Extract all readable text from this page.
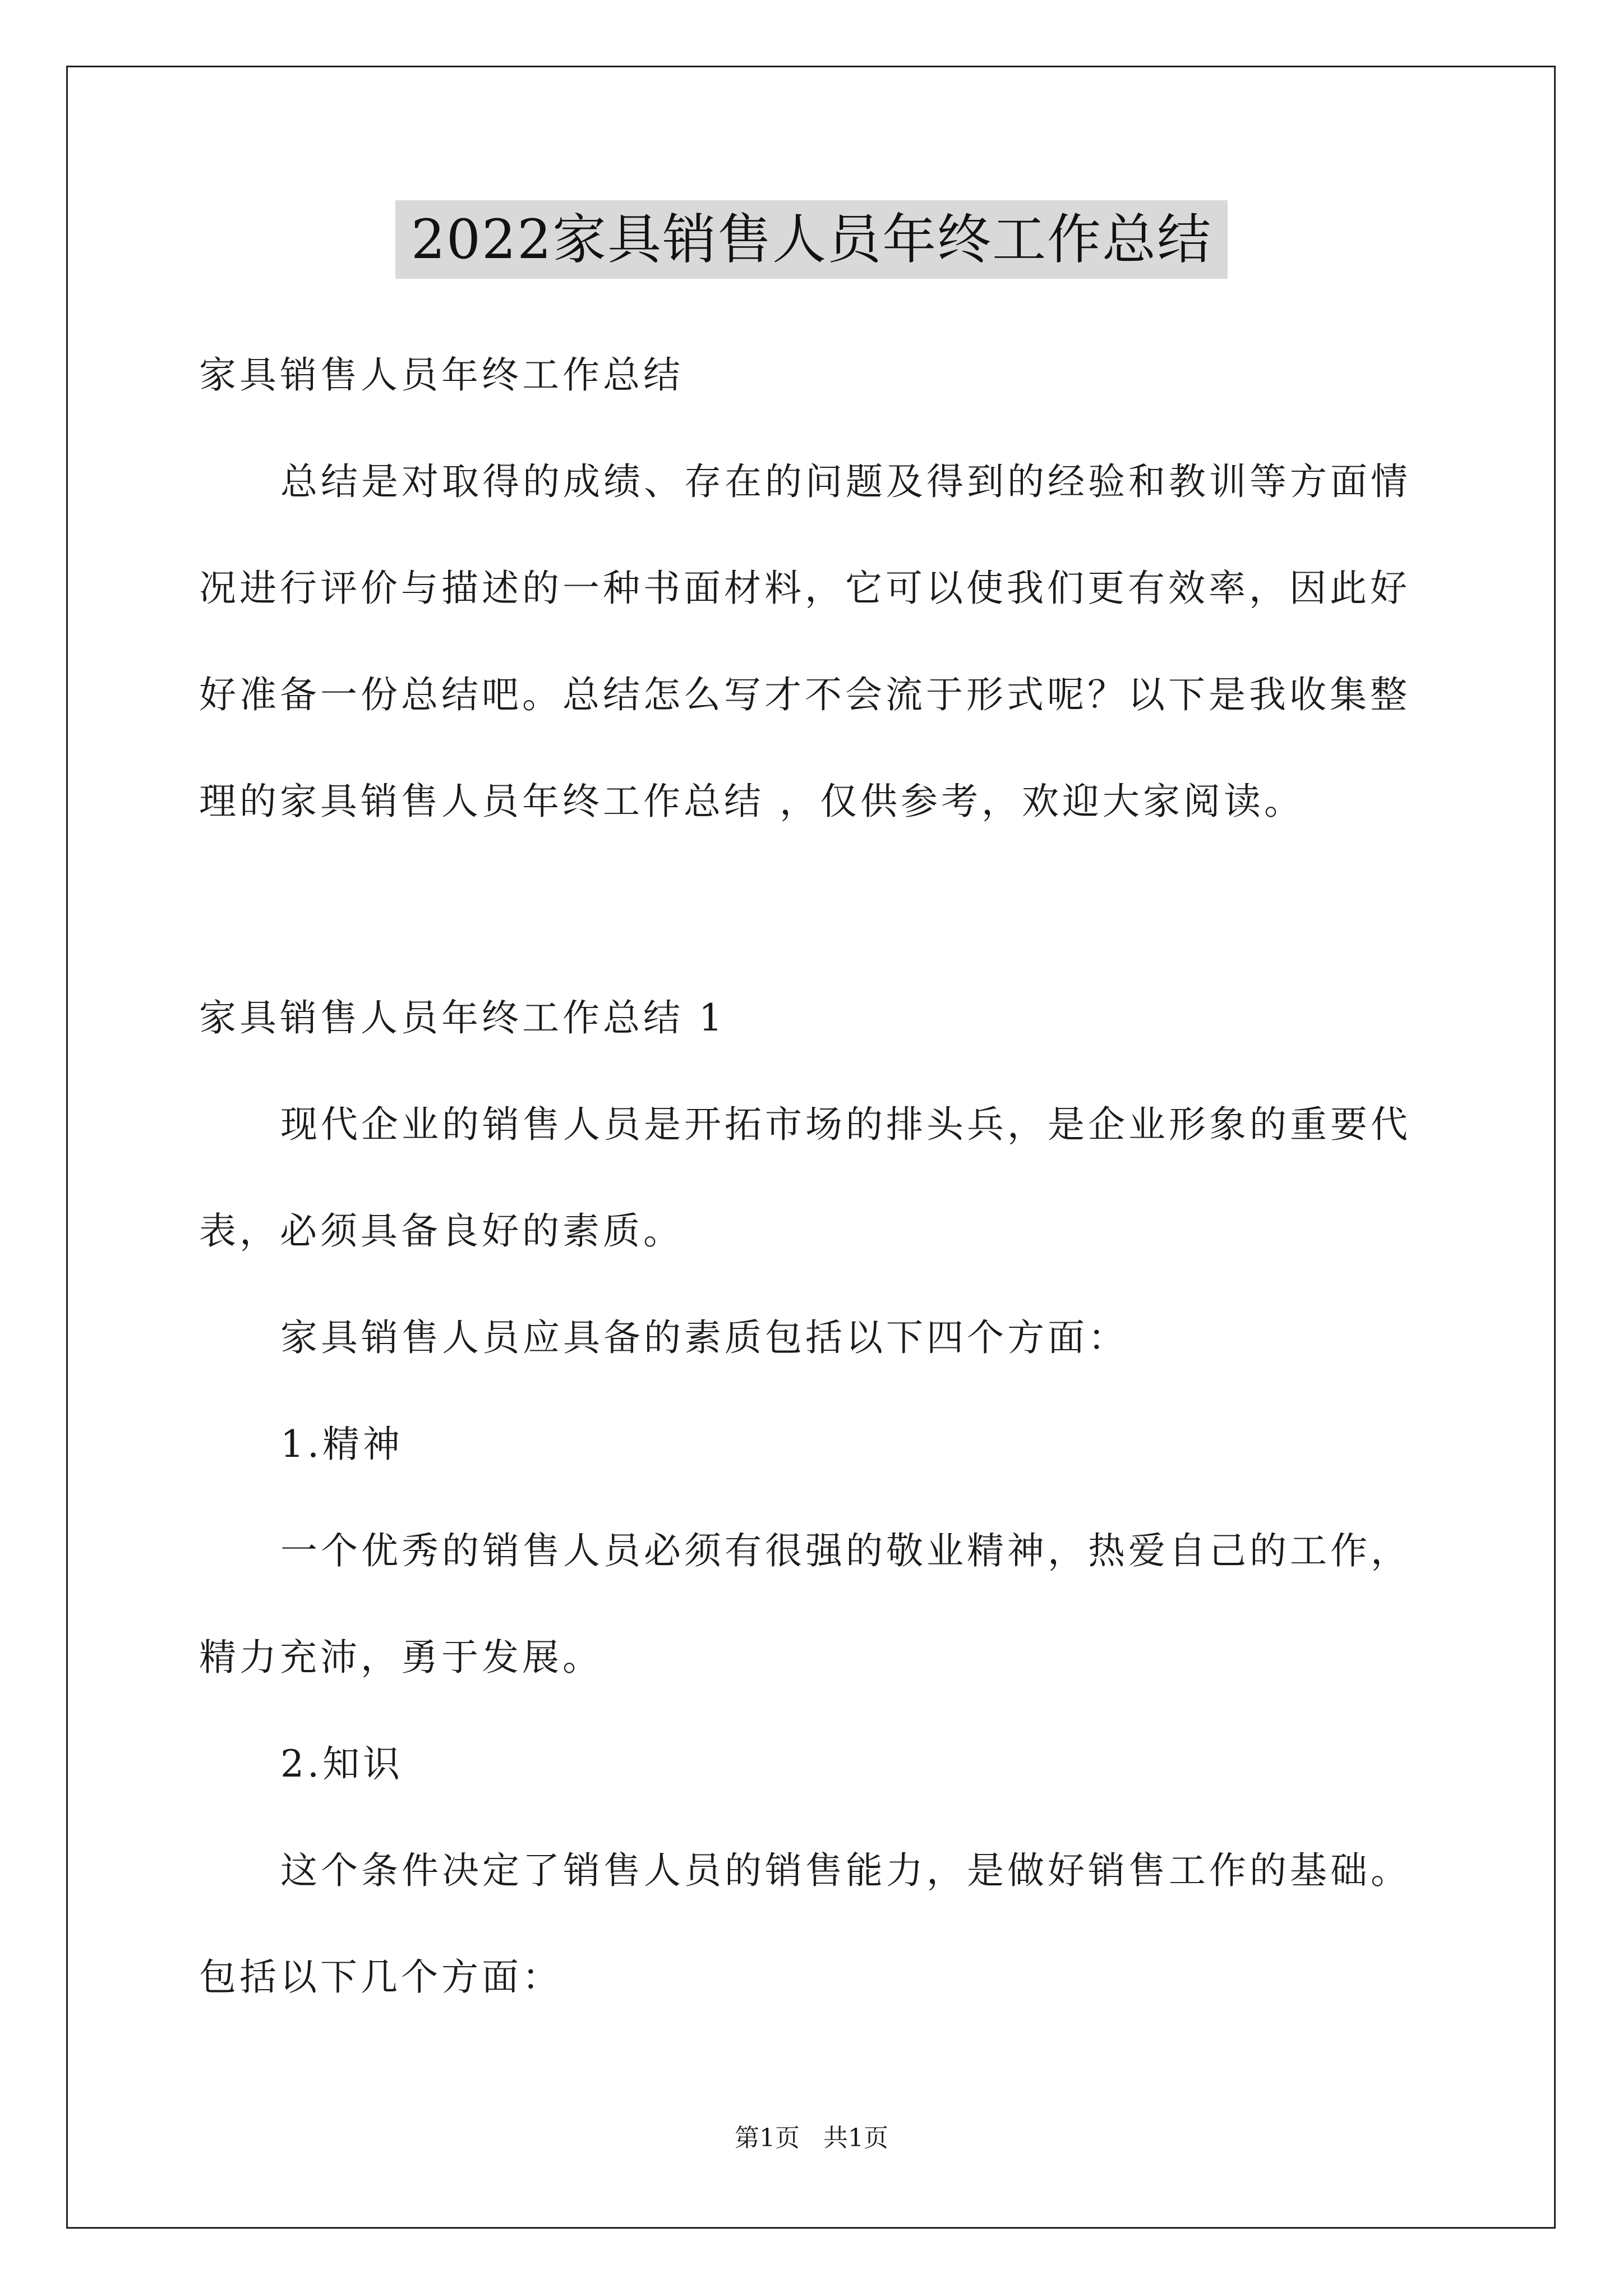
2022家具销售人员年终工作总结

家具销售人员年终工作总结

总结是对取得的成绩、存在的问题及得到的经验和教训等方面情

况进行评价与描述的一种书面材料，它可以使我们更有效率，因此好

好准备一份总结吧。总结怎么写才不会流于形式呢？以下是我收集整

理的家具销售人员年终工作总结 ，仅供参考，欢迎大家阅读。

家具销售人员年终工作总结 1

现代企业的销售人员是开拓市场的排头兵，是企业形象的重要代

表，必须具备良好的素质。

家具销售人员应具备的素质包括以下四个方面：

1.精神

一个优秀的销售人员必须有很强的敬业精神，热爱自己的工作，

精力充沛，勇于发展。

2.知识

这个条件决定了销售人员的销售能力，是做好销售工作的基础。

包括以下几个方面：

第1页 共1页
